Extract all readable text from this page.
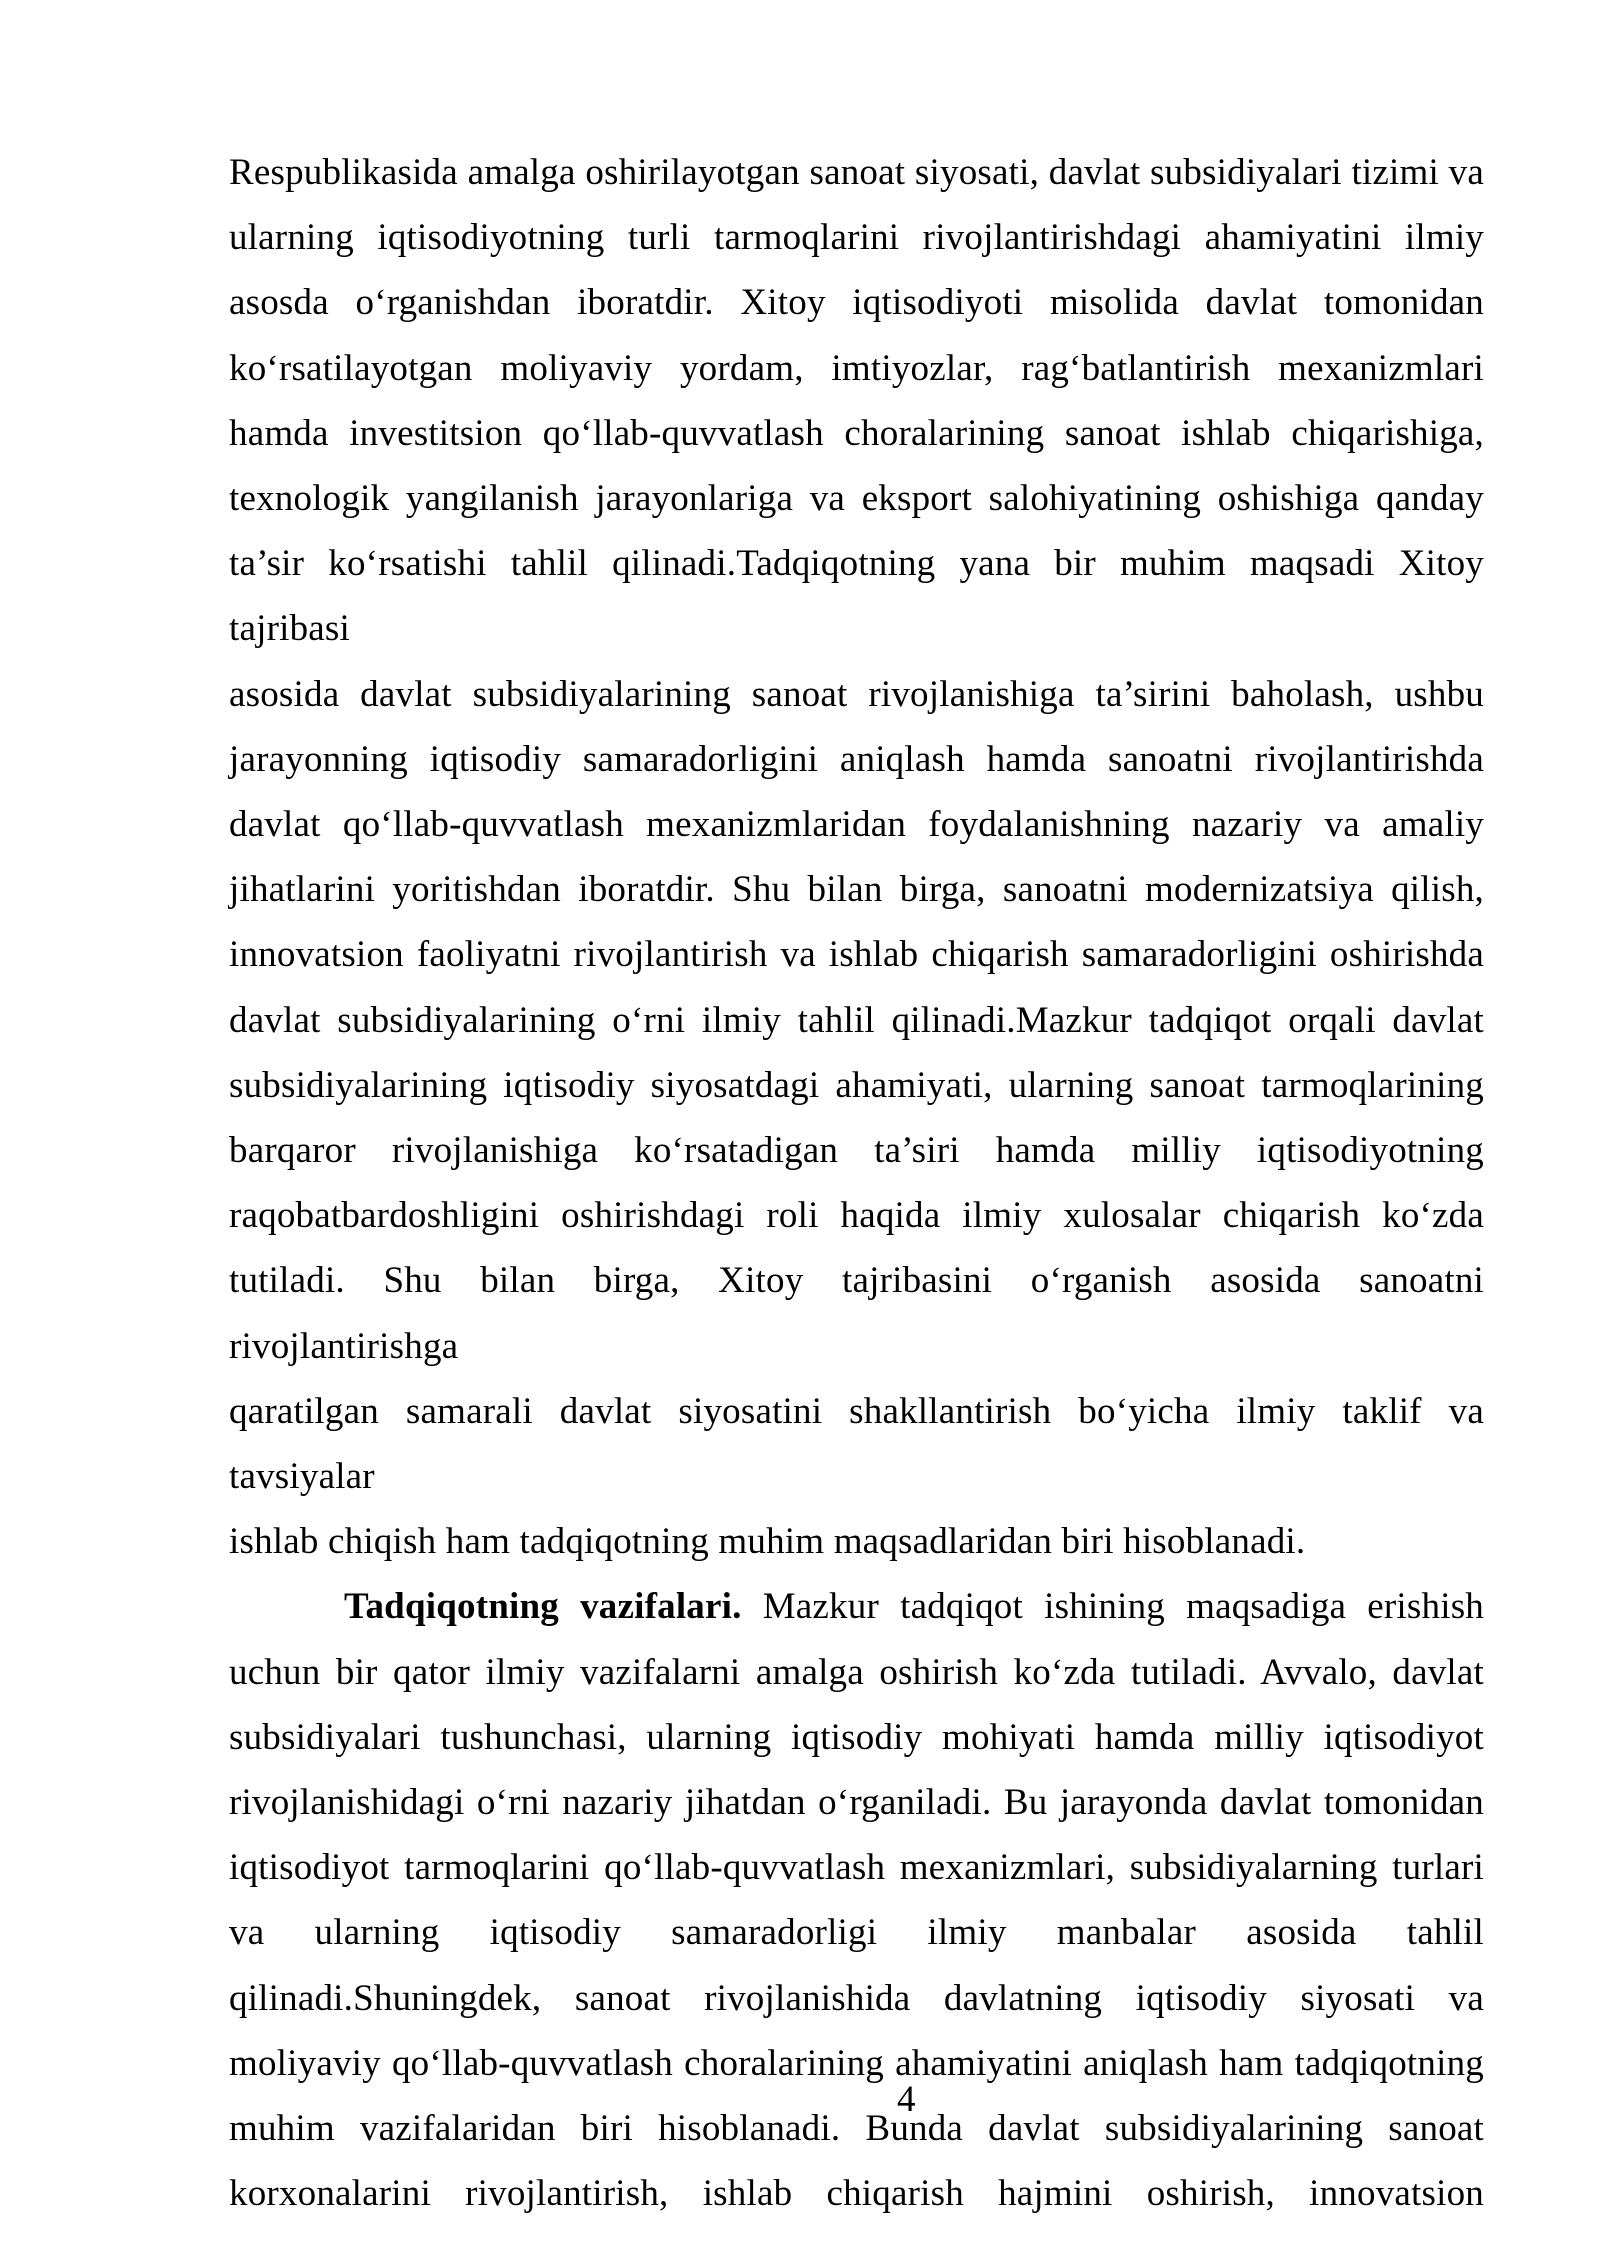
Respublikasida amalga oshirilayotgan sanoat siyosati, davlat subsidiyalari tizimi va
ularning iqtisodiyotning turli tarmoqlarini rivojlantirishdagi ahamiyatini ilmiy
asosda o‘rganishdan iboratdir. Xitoy iqtisodiyoti misolida davlat tomonidan
ko‘rsatilayotgan moliyaviy yordam, imtiyozlar, rag‘batlantirish mexanizmlari
hamda investitsion qo‘llab-quvvatlash choralarining sanoat ishlab chiqarishiga,
texnologik yangilanish jarayonlariga va eksport salohiyatining oshishiga qanday
ta’sir ko‘rsatishi tahlil qilinadi.Tadqiqotning yana bir muhim maqsadi Xitoy tajribasi
asosida davlat subsidiyalarining sanoat rivojlanishiga ta’sirini baholash, ushbu
jarayonning iqtisodiy samaradorligini aniqlash hamda sanoatni rivojlantirishda
davlat qo‘llab-quvvatlash mexanizmlaridan foydalanishning nazariy va amaliy
jihatlarini yoritishdan iboratdir. Shu bilan birga, sanoatni modernizatsiya qilish,
innovatsion faoliyatni rivojlantirish va ishlab chiqarish samaradorligini oshirishda
davlat subsidiyalarining o‘rni ilmiy tahlil qilinadi.Mazkur tadqiqot orqali davlat
subsidiyalarining iqtisodiy siyosatdagi ahamiyati, ularning sanoat tarmoqlarining
barqaror rivojlanishiga ko‘rsatadigan ta’siri hamda milliy iqtisodiyotning
raqobatbardoshligini oshirishdagi roli haqida ilmiy xulosalar chiqarish ko‘zda
tutiladi. Shu bilan birga, Xitoy tajribasini o‘rganish asosida sanoatni rivojlantirishga
qaratilgan samarali davlat siyosatini shakllantirish bo‘yicha ilmiy taklif va tavsiyalar
ishlab chiqish ham tadqiqotning muhim maqsadlaridan biri hisoblanadi.
Tadqiqotning vazifalari. Mazkur tadqiqot ishining maqsadiga erishish
uchun bir qator ilmiy vazifalarni amalga oshirish ko‘zda tutiladi. Avvalo, davlat
subsidiyalari tushunchasi, ularning iqtisodiy mohiyati hamda milliy iqtisodiyot
rivojlanishidagi o‘rni nazariy jihatdan o‘rganiladi. Bu jarayonda davlat tomonidan
iqtisodiyot tarmoqlarini qo‘llab-quvvatlash mexanizmlari, subsidiyalarning turlari
va ularning iqtisodiy samaradorligi ilmiy manbalar asosida tahlil
qilinadi.Shuningdek, sanoat rivojlanishida davlatning iqtisodiy siyosati va
moliyaviy qo‘llab-quvvatlash choralarining ahamiyatini aniqlash ham tadqiqotning
muhim vazifalaridan biri hisoblanadi. Bunda davlat subsidiyalarining sanoat
korxonalarini rivojlantirish, ishlab chiqarish hajmini oshirish, innovatsion
4
